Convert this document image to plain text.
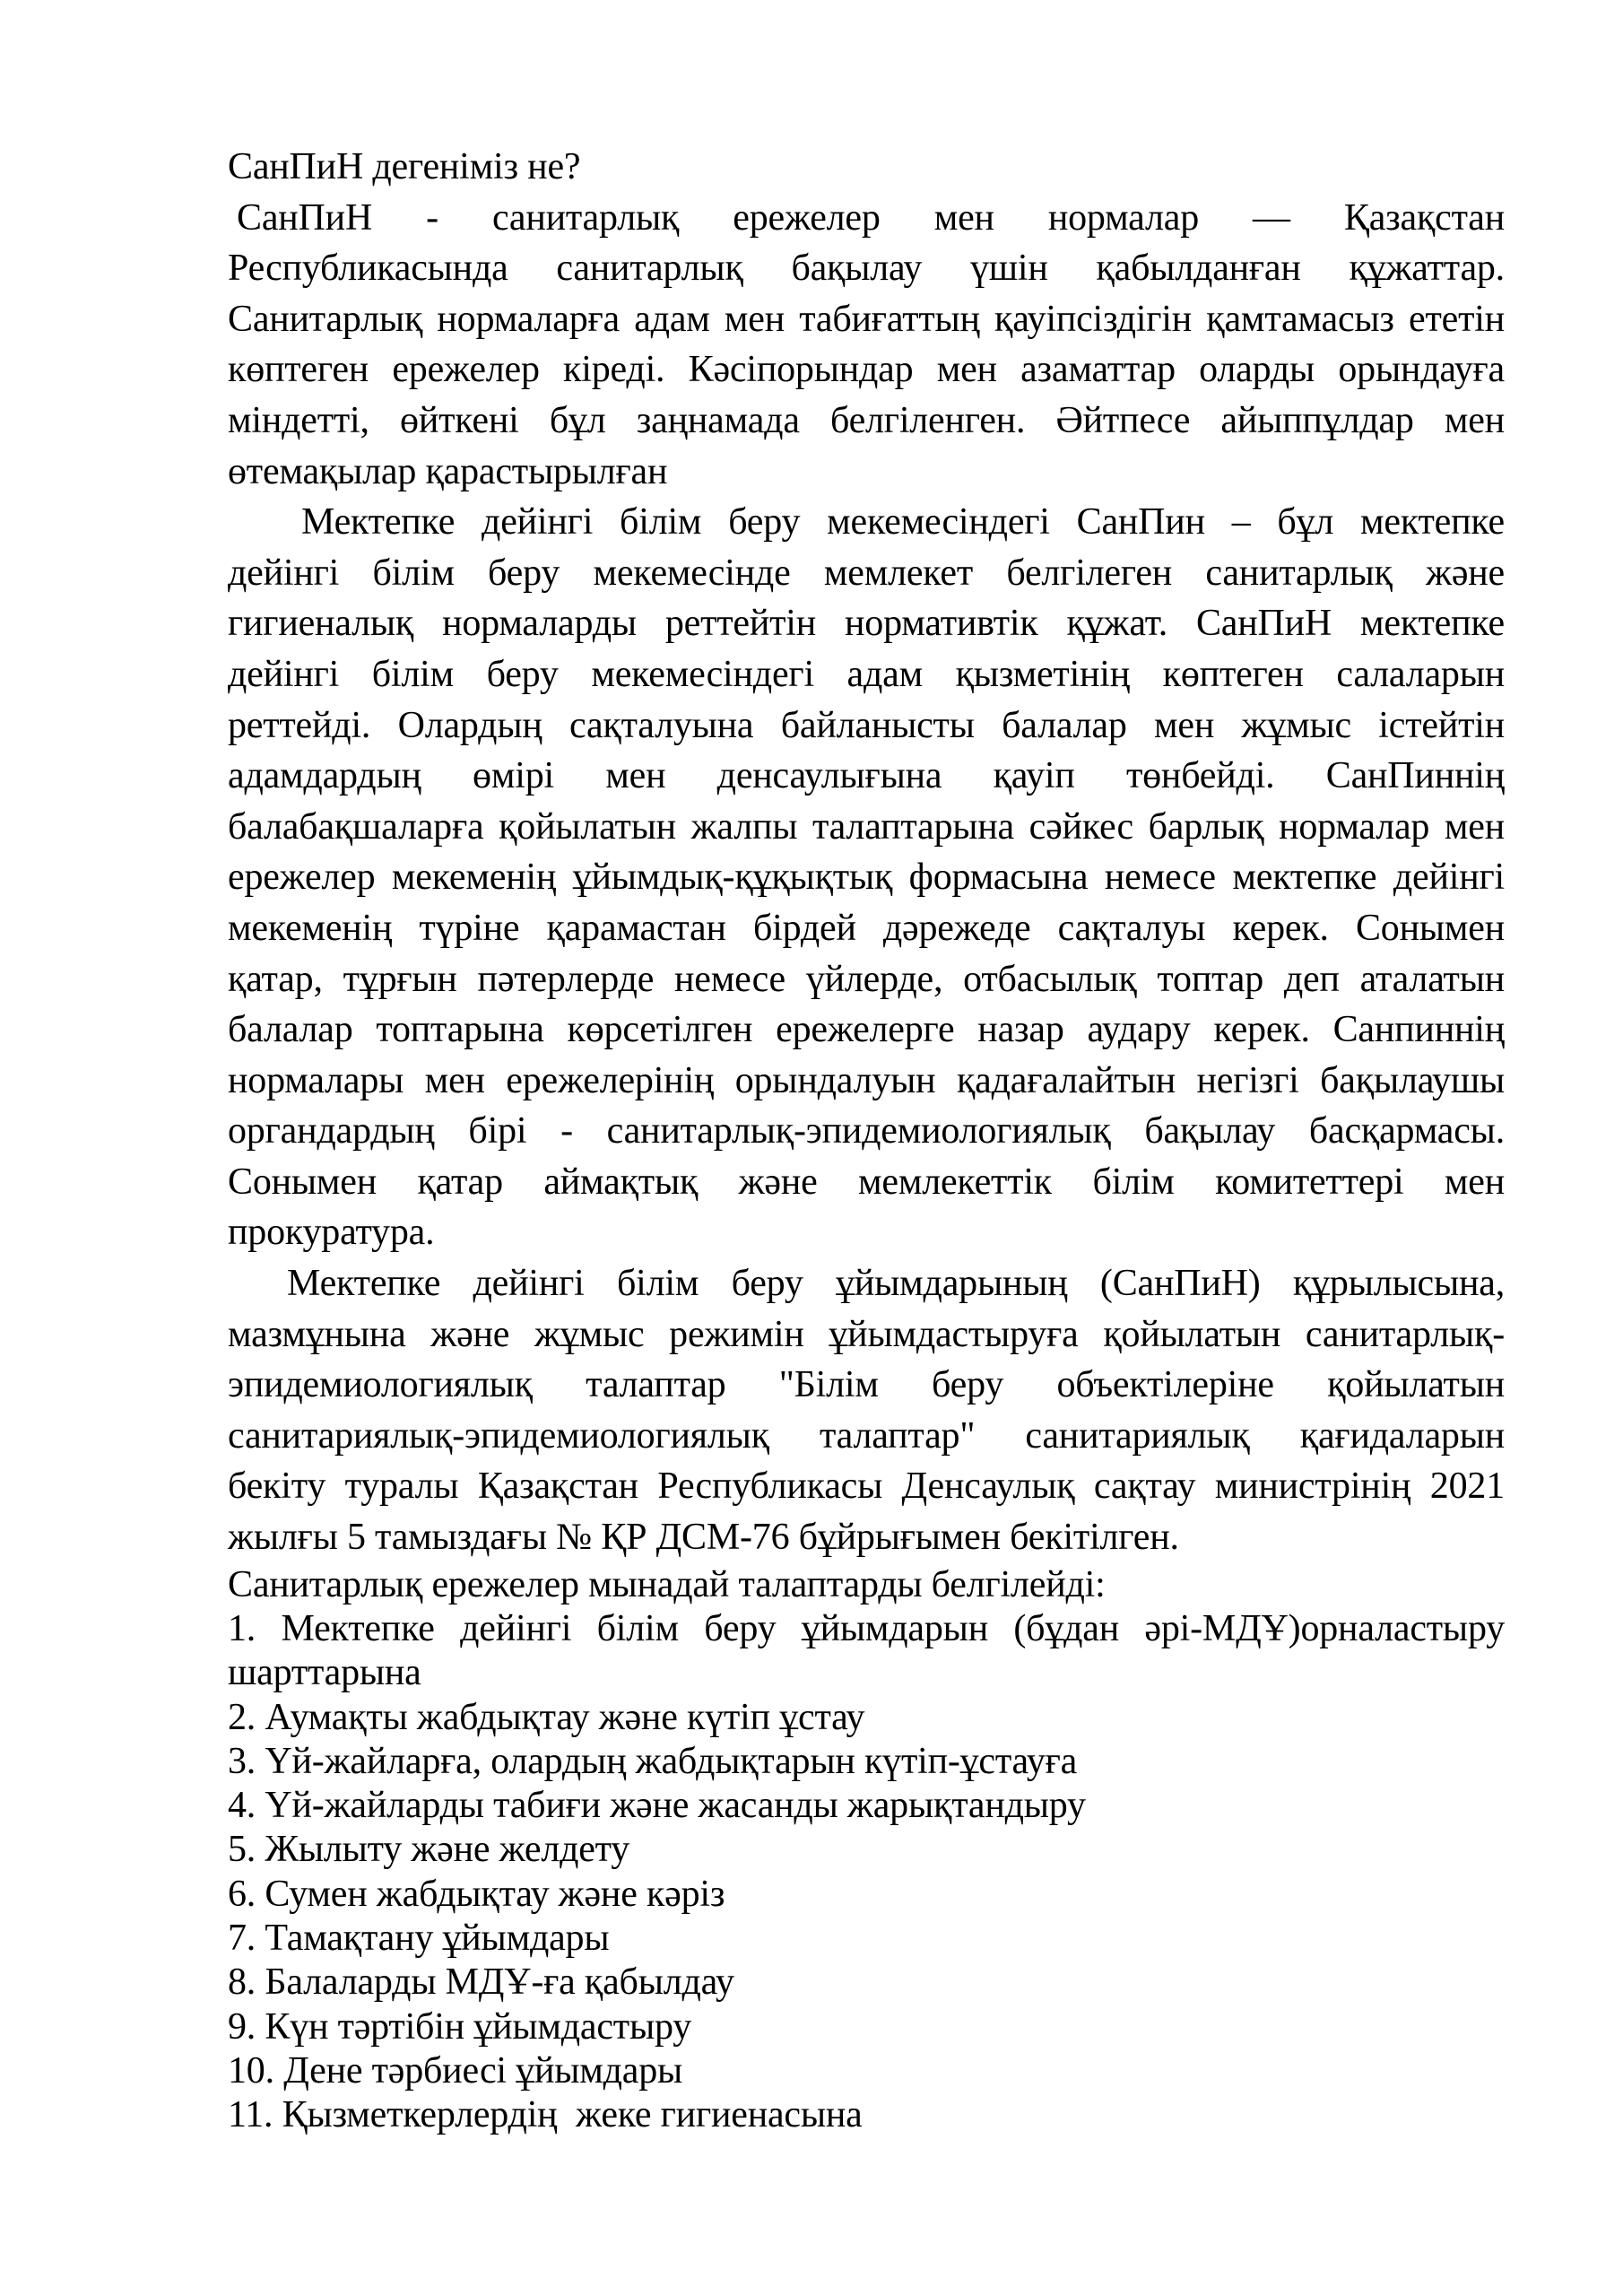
СанПиН дегеніміз не?
СанПиН - санитарлық ережелер мен нормалар — Қазақстан
Республикасында санитарлық бақылау үшін қабылданған құжаттар.
Санитарлық нормаларға адам мен табиғаттың қауіпсіздігін қамтамасыз ететін
көптеген ережелер кіреді. Кәсіпорындар мен азаматтар оларды орындауға
міндетті, өйткені бұл заңнамада белгіленген. Әйтпесе айыппұлдар мен
өтемақылар қарастырылған
Мектепке дейінгі білім беру мекемесіндегі СанПин – бұл мектепке
дейінгі білім беру мекемесінде мемлекет белгілеген санитарлық және
гигиеналық нормаларды реттейтін нормативтік құжат. СанПиН мектепке
дейінгі білім беру мекемесіндегі адам қызметінің көптеген салаларын
реттейді. Олардың сақталуына байланысты балалар мен жұмыс істейтін
адамдардың өмірі мен денсаулығына қауіп төнбейді. СанПиннің
балабақшаларға қойылатын жалпы талаптарына сәйкес барлық нормалар мен
ережелер мекеменің ұйымдық-құқықтық формасына немесе мектепке дейінгі
мекеменің түріне қарамастан бірдей дәрежеде сақталуы керек. Сонымен
қатар, тұрғын пәтерлерде немесе үйлерде, отбасылық топтар деп аталатын
балалар топтарына көрсетілген ережелерге назар аудару керек. Санпиннің
нормалары мен ережелерінің орындалуын қадағалайтын негізгі бақылаушы
органдардың бірі - санитарлық-эпидемиологиялық бақылау басқармасы.
Сонымен қатар аймақтық және мемлекеттік білім комитеттері мен
прокуратура.
Мектепке дейінгі білім беру ұйымдарының (СанПиН) құрылысына,
мазмұнына және жұмыс режимін ұйымдастыруға қойылатын санитарлық-
эпидемиологиялық талаптар "Білім беру объектілеріне қойылатын
санитариялық-эпидемиологиялық талаптар" санитариялық қағидаларын
бекіту туралы Қазақстан Республикасы Денсаулық сақтау министрінің 2021
жылғы 5 тамыздағы № ҚР ДСМ-76 бұйрығымен бекітілген.
Санитарлық ережелер мынадай талаптарды белгілейді:
1. Мектепке дейінгі білім беру ұйымдарын (бұдан әрі-МДҰ)орналастыру
шарттарына
2. Аумақты жабдықтау және күтіп ұстау
3. Үй-жайларға, олардың жабдықтарын күтіп-ұстауға
4. Үй-жайларды табиғи және жасанды жарықтандыру
5. Жылыту және желдету
6. Сумен жабдықтау және кәріз
7. Тамақтану ұйымдары
8. Балаларды МДҰ-ға қабылдау
9. Күн тәртібін ұйымдастыру
10. Дене тәрбиесі ұйымдары
11. Қызметкерлердің  жеке гигиенасына
